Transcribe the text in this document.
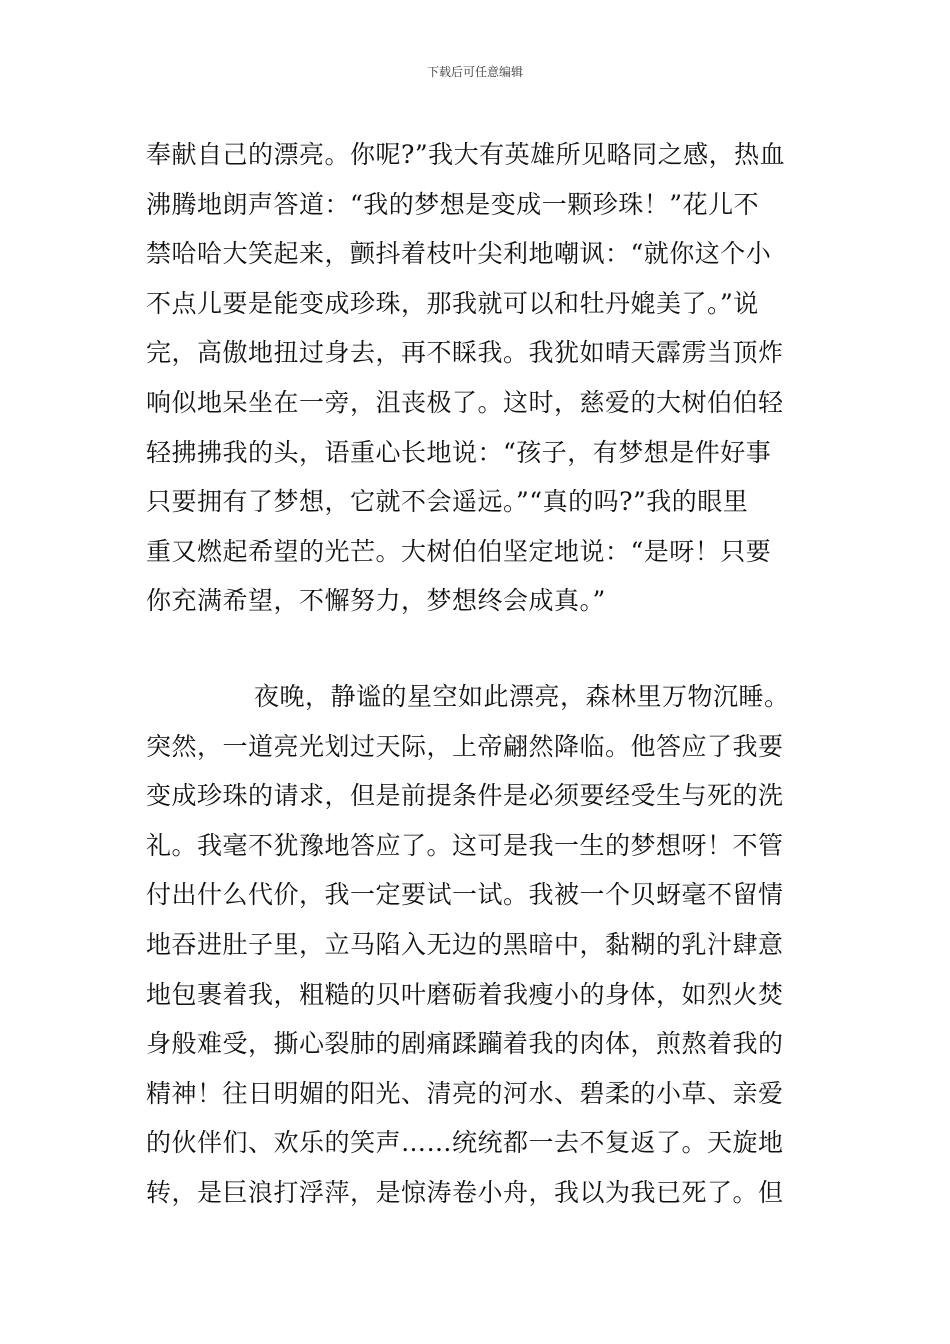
下载后可任意编辑
奉献自己的漂亮。你呢?”我大有英雄所见略同之感，热血
沸腾地朗声答道：“我的梦想是变成一颗珍珠！”花儿不
禁哈哈大笑起来，颤抖着枝叶尖利地嘲讽：“就你这个小
不点儿要是能变成珍珠，那我就可以和牡丹媲美了。”说
完，高傲地扭过身去，再不睬我。我犹如晴天霹雳当顶炸
响似地呆坐在一旁，沮丧极了。这时，慈爱的大树伯伯轻
轻拂拂我的头，语重心长地说：“孩子，有梦想是件好事
只要拥有了梦想，它就不会遥远。”“真的吗?”我的眼里
重又燃起希望的光芒。大树伯伯坚定地说：“是呀！只要
你充满希望，不懈努力，梦想终会成真。”
夜晚，静谧的星空如此漂亮，森林里万物沉睡。
突然，一道亮光划过天际，上帝翩然降临。他答应了我要
变成珍珠的请求，但是前提条件是必须要经受生与死的洗
礼。我毫不犹豫地答应了。这可是我一生的梦想呀！不管
付出什么代价，我一定要试一试。我被一个贝蚜毫不留情
地吞进肚子里，立马陷入无边的黑暗中，黏糊的乳汁肆意
地包裹着我，粗糙的贝叶磨砺着我瘦小的身体，如烈火焚
身般难受，撕心裂肺的剧痛蹂躏着我的肉体，煎熬着我的
精神！往日明媚的阳光、清亮的河水、碧柔的小草、亲爱
的伙伴们、欢乐的笑声……统统都一去不复返了。天旋地
转，是巨浪打浮萍，是惊涛卷小舟，我以为我已死了。但
